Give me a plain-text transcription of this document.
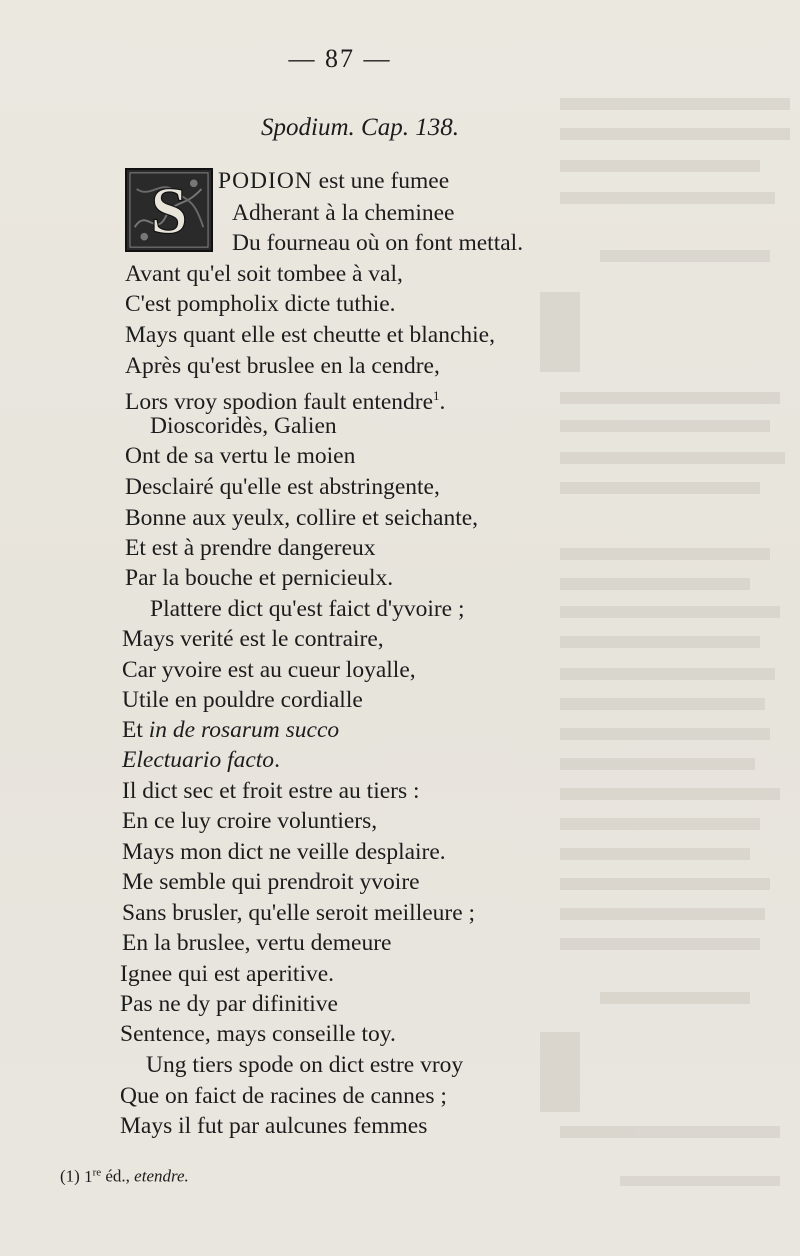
— 87 —
Spodium. Cap. 138.
S PODION est une fumee
Adherant à la cheminee
Du fourneau où on font mettal.
Avant qu'el soit tombee à val,
C'est pompholix dicte tuthie.
Mays quant elle est cheutte et blanchie,
Après qu'est bruslee en la cendre,
Lors vroy spodion fault entendre$^1$.
Dioscoridès, Galien
Ont de sa vertu le moien
Desclairé qu'elle est abstringente,
Bonne aux yeulx, collire et seichante,
Et est à prendre dangereux
Par la bouche et pernicieulx.
Plattere dict qu'est faict d'yvoire ;
Mays verité est le contraire,
Car yvoire est au cueur loyalle,
Utile en pouldre cordialle
Et in de rosarum succo
Electuario facto.
Il dict sec et froit estre au tiers :
En ce luy croire voluntiers,
Mays mon dict ne veille desplaire.
Me semble qui prendroit yvoire
Sans brusler, qu'elle seroit meilleure ;
En la bruslee, vertu demeure
Ignee qui est aperitive.
Pas ne dy par difinitive
Sentence, mays conseille toy.
Ung tiers spode on dict estre vroy
Que on faict de racines de cannes ;
Mays il fut par aulcunes femmes
(1) 1re éd., etendre.
